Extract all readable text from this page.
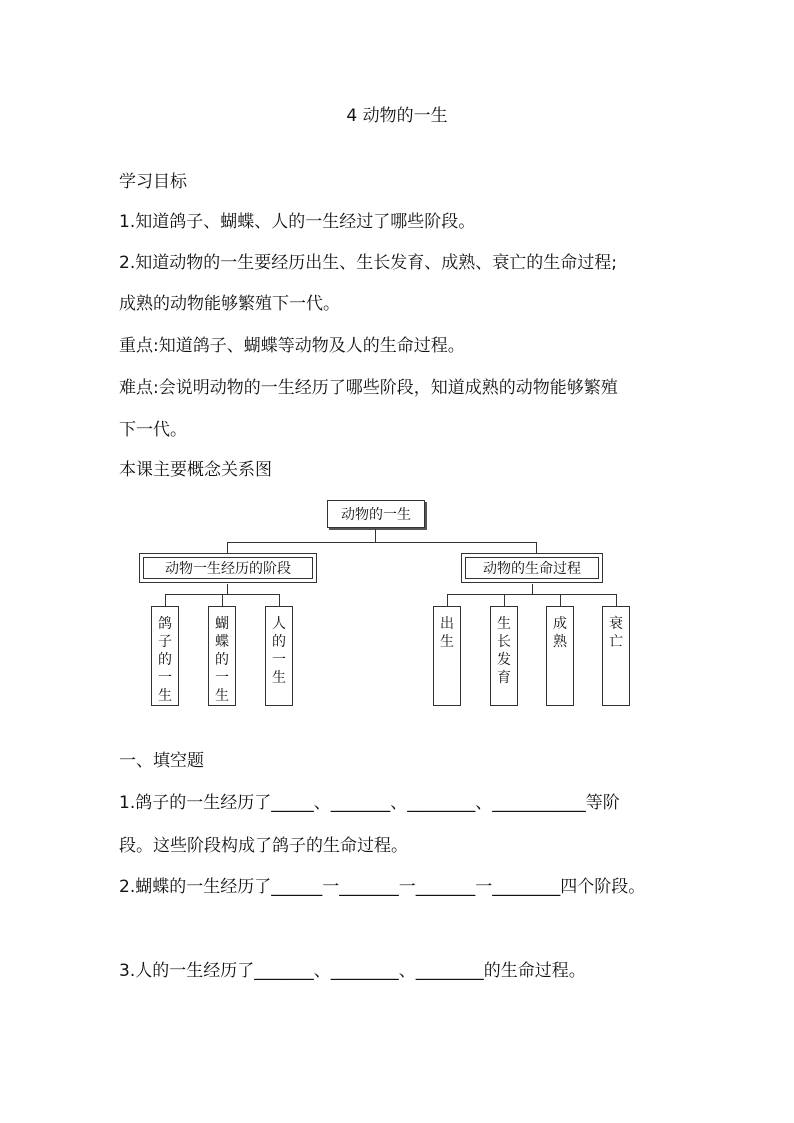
4 动物的一生
学习目标
1.知道鸽子、蝴蝶、人的一生经过了哪些阶段。
2.知道动物的一生要经历出生、生长发育、成熟、衰亡的生命过程;
成熟的动物能够繁殖下一代。
重点:知道鸽子、蝴蝶等动物及人的生命过程。
难点:会说明动物的一生经历了哪些阶段，知道成熟的动物能够繁殖
下一代。
本课主要概念关系图
动物的一生
动物一生经历的阶段	动物的生命过程
鸽子的一生
蝴蝶的一生
人的一生
出生
生长发育
成熟
衰亡
一、填空题
1.鸽子的一生经历了_____、_______、________、___________等阶
段。这些阶段构成了鸽子的生命过程。
2.蝴蝶的一生经历了______一_______一_______一________四个阶段。
3.人的一生经历了_______、________、________的生命过程。
